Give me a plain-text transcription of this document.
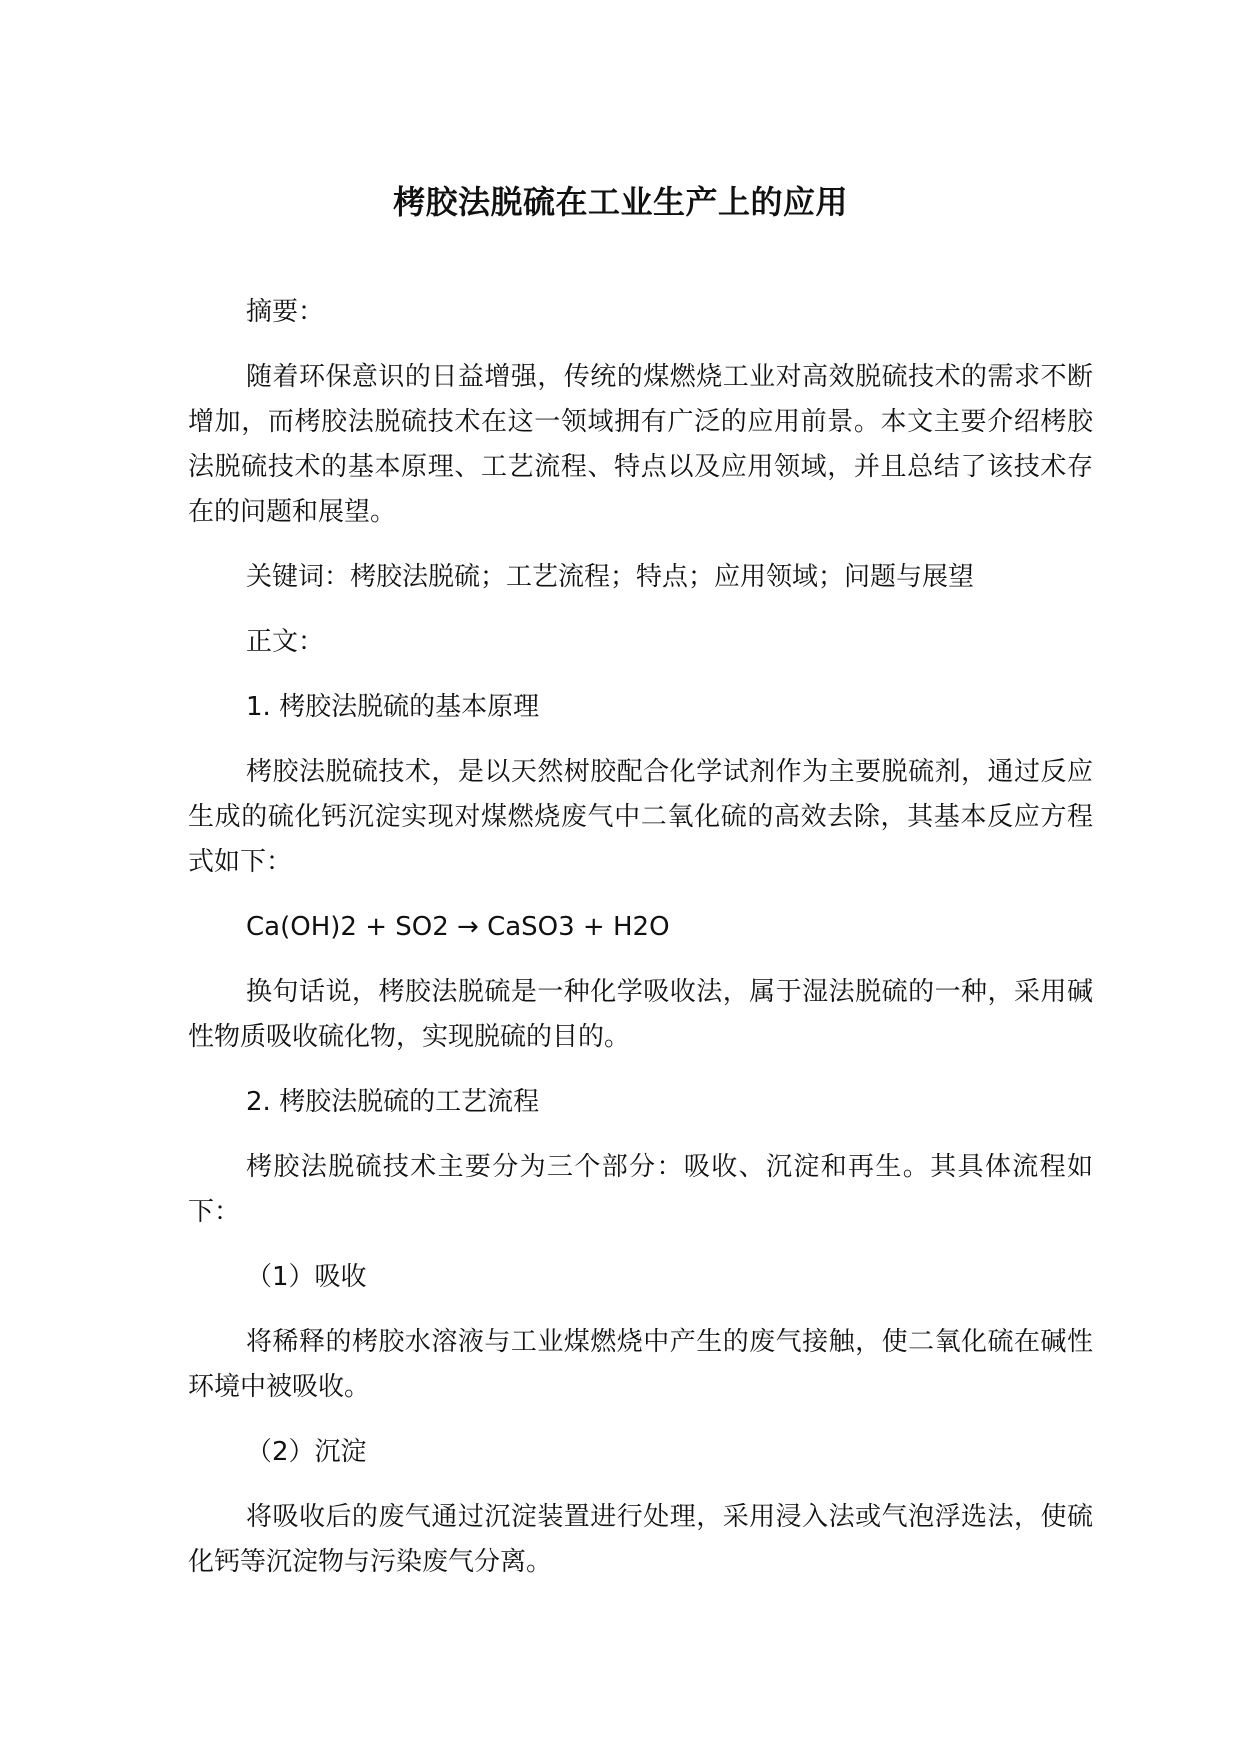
栲胶法脱硫在工业生产上的应用

摘要：

随着环保意识的日益增强，传统的煤燃烧工业对高效脱硫技术的需求不断增加，而栲胶法脱硫技术在这一领域拥有广泛的应用前景。本文主要介绍栲胶法脱硫技术的基本原理、工艺流程、特点以及应用领域，并且总结了该技术存在的问题和展望。

关键词：栲胶法脱硫；工艺流程；特点；应用领域；问题与展望

正文：

1. 栲胶法脱硫的基本原理

栲胶法脱硫技术，是以天然树胶配合化学试剂作为主要脱硫剂，通过反应生成的硫化钙沉淀实现对煤燃烧废气中二氧化硫的高效去除，其基本反应方程式如下：

Ca(OH)2 + SO2 → CaSO3 + H2O

换句话说，栲胶法脱硫是一种化学吸收法，属于湿法脱硫的一种，采用碱性物质吸收硫化物，实现脱硫的目的。

2. 栲胶法脱硫的工艺流程

栲胶法脱硫技术主要分为三个部分：吸收、沉淀和再生。其具体流程如下：

（1）吸收

将稀释的栲胶水溶液与工业煤燃烧中产生的废气接触，使二氧化硫在碱性环境中被吸收。

（2）沉淀

将吸收后的废气通过沉淀装置进行处理，采用浸入法或气泡浮选法，使硫化钙等沉淀物与污染废气分离。
